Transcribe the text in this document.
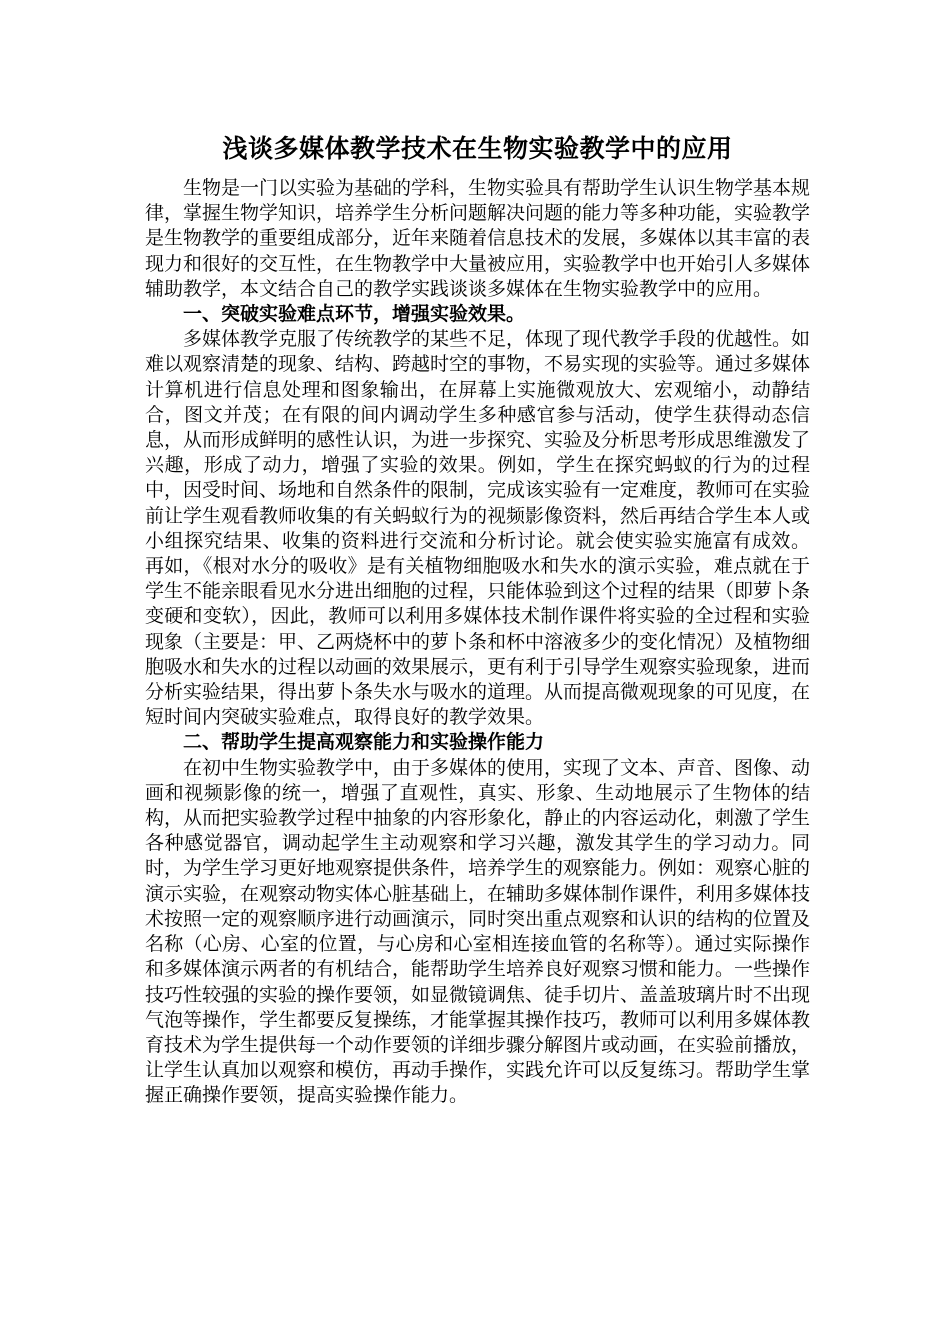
浅谈多媒体教学技术在生物实验教学中的应用

生物是一门以实验为基础的学科，生物实验具有帮助学生认识生物学基本规律，掌握生物学知识，培养学生分析问题解决问题的能力等多种功能，实验教学是生物教学的重要组成部分，近年来随着信息技术的发展，多媒体以其丰富的表现力和很好的交互性，在生物教学中大量被应用，实验教学中也开始引人多媒体辅助教学，本文结合自己的教学实践谈谈多媒体在生物实验教学中的应用。

一、突破实验难点环节，增强实验效果。

多媒体教学克服了传统教学的某些不足，体现了现代教学手段的优越性。如难以观察清楚的现象、结构、跨越时空的事物，不易实现的实验等。通过多媒体计算机进行信息处理和图象输出，在屏幕上实施微观放大、宏观缩小，动静结合，图文并茂；在有限的间内调动学生多种感官参与活动，使学生获得动态信息，从而形成鲜明的感性认识，为进一步探究、实验及分析思考形成思维激发了兴趣，形成了动力，增强了实验的效果。例如，学生在探究蚂蚁的行为的过程中，因受时间、场地和自然条件的限制，完成该实验有一定难度，教师可在实验前让学生观看教师收集的有关蚂蚁行为的视频影像资料，然后再结合学生本人或小组探究结果、收集的资料进行交流和分析讨论。就会使实验实施富有成效。 再如，《根对水分的吸收》是有关植物细胞吸水和失水的演示实验，难点就在于学生不能亲眼看见水分进出细胞的过程，只能体验到这个过程的结果（即萝卜条变硬和变软），因此，教师可以利用多媒体技术制作课件将实验的全过程和实验现象（主要是：甲、乙两烧杯中的萝卜条和杯中溶液多少的变化情况）及植物细胞吸水和失水的过程以动画的效果展示，更有利于引导学生观察实验现象，进而分析实验结果，得出萝卜条失水与吸水的道理。从而提高微观现象的可见度，在短时间内突破实验难点，取得良好的教学效果。

二、帮助学生提高观察能力和实验操作能力

在初中生物实验教学中，由于多媒体的使用，实现了文本、声音、图像、动画和视频影像的统一，增强了直观性，真实、形象、生动地展示了生物体的结构，从而把实验教学过程中抽象的内容形象化，静止的内容运动化，刺激了学生各种感觉器官，调动起学生主动观察和学习兴趣，激发其学生的学习动力。同时，为学生学习更好地观察提供条件，培养学生的观察能力。例如：观察心脏的演示实验，在观察动物实体心脏基础上，在辅助多媒体制作课件，利用多媒体技术按照一定的观察顺序进行动画演示，同时突出重点观察和认识的结构的位置及名称（心房、心室的位置，与心房和心室相连接血管的名称等）。通过实际操作和多媒体演示两者的有机结合，能帮助学生培养良好观察习惯和能力。一些操作技巧性较强的实验的操作要领，如显微镜调焦、徒手切片、盖盖玻璃片时不出现气泡等操作，学生都要反复操练，才能掌握其操作技巧，教师可以利用多媒体教育技术为学生提供每一个动作要领的详细步骤分解图片或动画，在实验前播放，让学生认真加以观察和模仿，再动手操作，实践允许可以反复练习。帮助学生掌握正确操作要领，提高实验操作能力。
